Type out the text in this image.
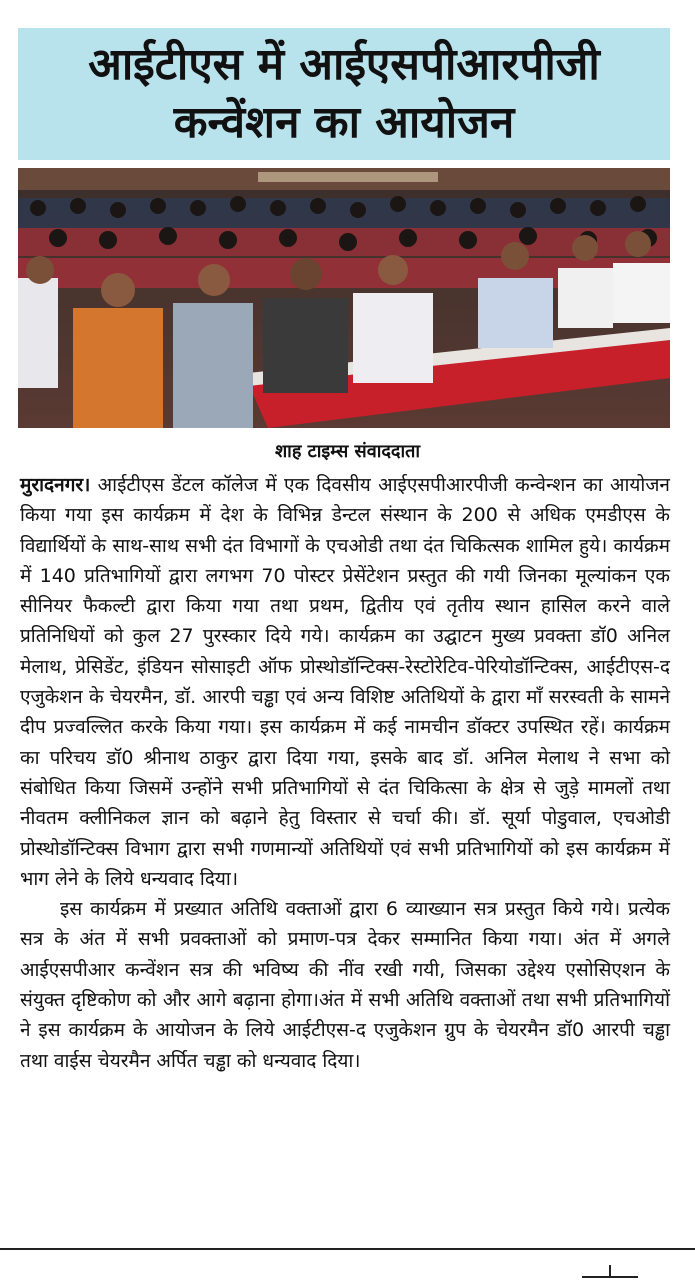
आईटीएस में आईएसपीआरपीजी
कन्वेंशन का आयोजन
शाह टाइम्स संवाददाता

मुरादनगर। आईटीएस डेंटल कॉलेज में एक दिवसीय आईएसपीआरपीजी कन्वेन्शन का आयोजन किया गया इस कार्यक्रम में देश के विभिन्न डेन्टल संस्थान के 200 से अधिक एमडीएस के विद्यार्थियों के साथ-साथ सभी दंत विभागों के एचओडी तथा दंत चिकित्सक शामिल हुये। कार्यक्रम में 140 प्रतिभागियों द्वारा लगभग 70 पोस्टर प्रेसेंटेशन प्रस्तुत की गयी जिनका मूल्यांकन एक सीनियर फैकल्टी द्वारा किया गया तथा प्रथम, द्वितीय एवं तृतीय स्थान हासिल करने वाले प्रतिनिधियों को कुल 27 पुरस्कार दिये गये। कार्यक्रम का उद्घाटन मुख्य प्रवक्ता डॉ0 अनिल मेलाथ, प्रेसिडेंट, इंडियन सोसाइटी ऑफ प्रोस्थोडॉन्टिक्स-रेस्टोरेटिव-पेरियोडॉन्टिक्स, आईटीएस-द एजुकेशन के चेयरमैन, डॉ. आरपी चड्ढा एवं अन्य विशिष्ट अतिथियों के द्वारा माँ सरस्वती के सामने दीप प्रज्वल्लित करके किया गया। इस कार्यक्रम में कई नामचीन डॉक्टर उपस्थित रहें। कार्यक्रम का परिचय डॉ0 श्रीनाथ ठाकुर द्वारा दिया गया, इसके बाद डॉ. अनिल मेलाथ ने सभा को संबोधित किया जिसमें उन्होंने सभी प्रतिभागियों से दंत चिकित्सा के क्षेत्र से जुड़े मामलों तथा नीवतम क्लीनिकल ज्ञान को बढ़ाने हेतु विस्तार से चर्चा की। डॉ. सूर्या पोडुवाल, एचओडी प्रोस्थोडॉन्टिक्स विभाग द्वारा सभी गणमान्यों अतिथियों एवं सभी प्रतिभागियों को इस कार्यक्रम में भाग लेने के लिये धन्यवाद दिया।

इस कार्यक्रम में प्रख्यात अतिथि वक्ताओं द्वारा 6 व्याख्यान सत्र प्रस्तुत किये गये। प्रत्येक सत्र के अंत में सभी प्रवक्ताओं को प्रमाण-पत्र देकर सम्मानित किया गया। अंत में अगले आईएसपीआर कन्वेंशन सत्र की भविष्य की नींव रखी गयी, जिसका उद्देश्य एसोसिएशन के संयुक्त दृष्टिकोण को और आगे बढ़ाना होगा।अंत में सभी अतिथि वक्ताओं तथा सभी प्रतिभागियों ने इस कार्यक्रम के आयोजन के लिये आईटीएस-द एजुकेशन ग्रुप के चेयरमैन डॉ0 आरपी चड्ढा तथा वाईस चेयरमैन अर्पित चड्ढा को धन्यवाद दिया।
